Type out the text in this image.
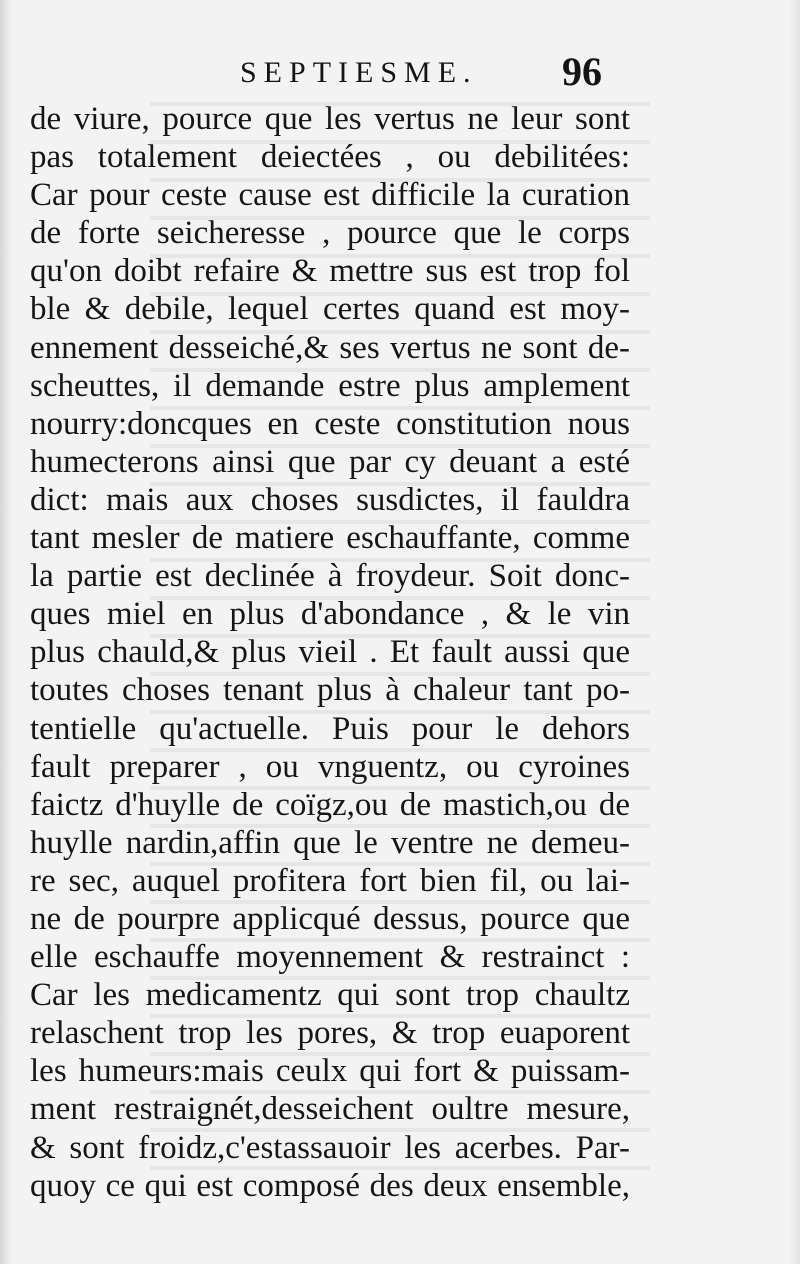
SEPTIESME. 96
de viure, pource que les vertus ne leur sont
pas totalement deiectées , ou debilitées:
Car pour ceste cause est difficile la curation
de forte seicheresse , pource que le corps
qu'on doibt refaire & mettre sus est trop fol
ble & debile, lequel certes quand est moy-
ennement desseiché,& ses vertus ne sont de-
scheuttes, il demande estre plus amplement
nourry:doncques en ceste constitution nous
humecterons ainsi que par cy deuant a esté
dict: mais aux choses susdictes, il fauldra
tant mesler de matiere eschauffante, comme
la partie est declinée à froydeur. Soit donc-
ques miel en plus d'abondance , & le vin
plus chauld,& plus vieil . Et fault aussi que
toutes choses tenant plus à chaleur tant po-
tentielle qu'actuelle. Puis pour le dehors
fault preparer , ou vnguentz, ou cyroines
faictz d'huylle de coïgz,ou de mastich,ou de
huylle nardin,affin que le ventre ne demeu-
re sec, auquel profitera fort bien fil, ou lai-
ne de pourpre applicqué dessus, pource que
elle eschauffe moyennement & restrainct :
Car les medicamentz qui sont trop chaultz
relaschent trop les pores, & trop euaporent
les humeurs:mais ceulx qui fort & puissam-
ment restraignét,desseichent oultre mesure,
& sont froidz,c'estassauoir les acerbes. Par-
quoy ce qui est composé des deux ensemble,
